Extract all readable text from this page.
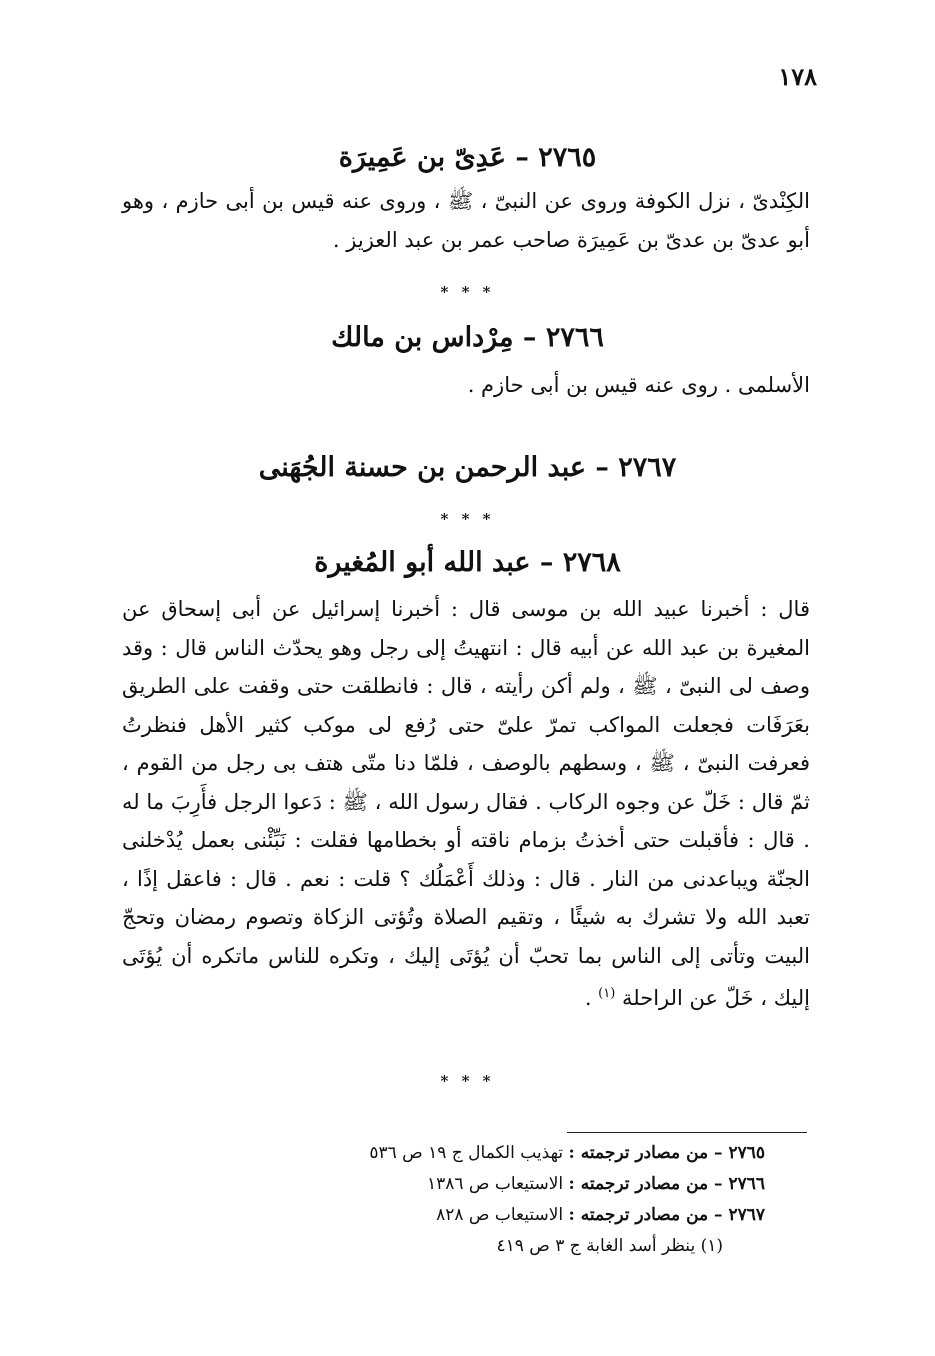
١٧٨
٢٧٦٥ – عَدِىّ بن عَمِيرَة
الكِنْدىّ ، نزل الكوفة وروى عن النبىّ ، ﷺ ، وروى عنه قيس بن أبى حازم ، وهو أبو عدىّ بن عدىّ بن عَمِيرَة صاحب عمر بن عبد العزيز .
* * *
٢٧٦٦ – مِرْداس بن مالك
الأسلمى . روى عنه قيس بن أبى حازم .
٢٧٦٧ – عبد الرحمن بن حسنة الجُهَنى
* * *
٢٧٦٨ – عبد الله أبو المُغيرة
قال : أخبرنا عبيد الله بن موسى قال : أخبرنا إسرائيل عن أبى إسحاق عن المغيرة بن عبد الله عن أبيه قال : انتهيتُ إلى رجل وهو يحدّث الناس قال : وقد وصف لى النبىّ ، ﷺ ، ولم أكن رأيته ، قال : فانطلقت حتى وقفت على الطريق بعَرَفَات فجعلت المواكب تمرّ علىّ حتى رُفع لى موكب كثير الأهل فنظرتُ فعرفت النبىّ ، ﷺ ، وسطهم بالوصف ، فلمّا دنا متّى هتف بى رجل من القوم ، ثمّ قال : خَلّ عن وجوه الركاب . فقال رسول الله ، ﷺ : دَعوا الرجل فأَرِبَ ما له . قال : فأقبلت حتى أخذتُ بزمام ناقته أو بخطامها فقلت : نَبِّئْنى بعمل يُدْخلنى الجنّة ويباعدنى من النار . قال : وذلك أَعْمَلُك ؟ قلت : نعم . قال : فاعقل إذًا ، تعبد الله ولا تشرك به شيئًا ، وتقيم الصلاة وتُؤتى الزكاة وتصوم رمضان وتحجّ البيت وتأتى إلى الناس بما تحبّ أن يُؤتَى إليك ، وتكره للناس ماتكره أن يُؤتَى إليك ، خَلّ عن الراحلة $^{(١)}$ .
* * *
٢٧٦٥ – من مصادر ترجمته : تهذيب الكمال ج ١٩ ص ٥٣٦
٢٧٦٦ – من مصادر ترجمته : الاستيعاب ص ١٣٨٦
٢٧٦٧ – من مصادر ترجمته : الاستيعاب ص ٨٢٨
(١) ينظر أسد الغابة ج ٣ ص ٤١٩
